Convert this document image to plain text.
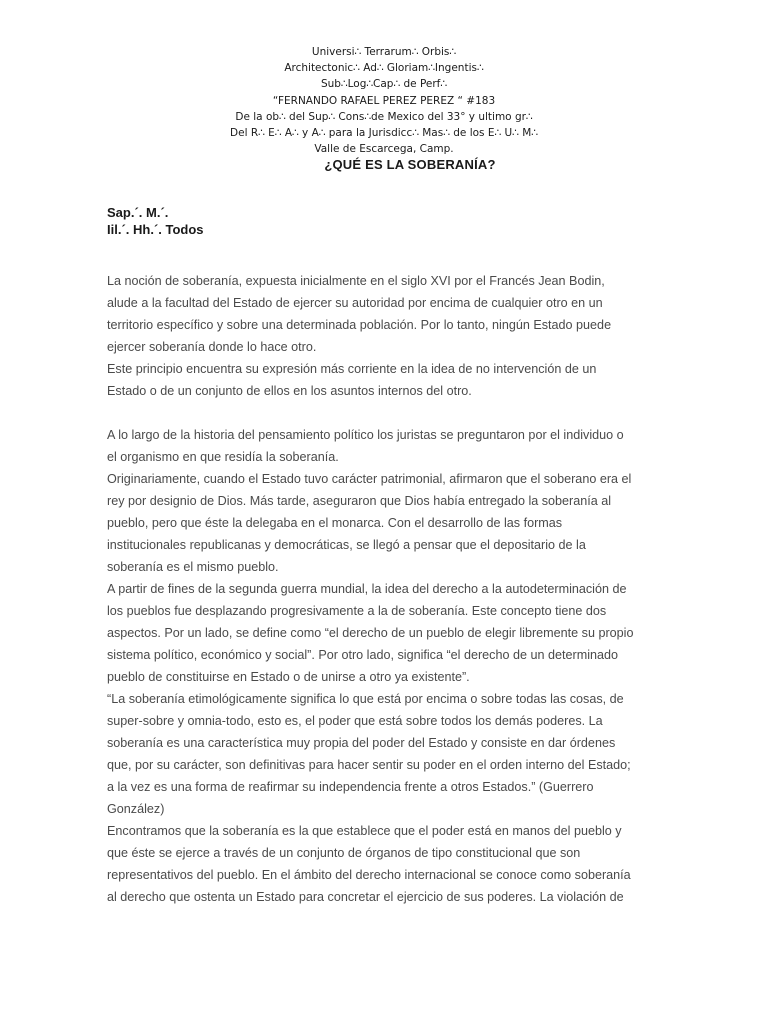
Universi∴ Terrarum∴ Orbis∴
Architectonic∴ Ad∴ Gloriam∴Ingentis∴
Sub∴Log∴Cap∴ de Perf∴
“FERNANDO RAFAEL PEREZ PEREZ “ #183
De la ob∴ del Sup∴ Cons∴de Mexico del 33° y ultimo gr∴
Del R∴ E∴ A∴ y A∴ para la Jurisdicc∴ Mas∴ de los E∴ U∴ M∴
Valle de Escarcega, Camp.
¿QUÉ ES LA SOBERANÍA?
Sap.´. M.´.
Iil.´. Hh.´. Todos
La noción de soberanía, expuesta inicialmente en el siglo XVI por el Francés Jean Bodin,
alude a la facultad del Estado de ejercer su autoridad por encima de cualquier otro en un
territorio específico y sobre una determinada población. Por lo tanto, ningún Estado puede
ejercer soberanía donde lo hace otro.
Este principio encuentra su expresión más corriente en la idea de no intervención de un
Estado o de un conjunto de ellos en los asuntos internos del otro.
A lo largo de la historia del pensamiento político los juristas se preguntaron por el individuo o
el organismo en que residía la soberanía.
Originariamente, cuando el Estado tuvo carácter patrimonial, afirmaron que el soberano era el
rey por designio de Dios. Más tarde, aseguraron que Dios había entregado la soberanía al
pueblo, pero que éste la delegaba en el monarca. Con el desarrollo de las formas
institucionales republicanas y democráticas, se llegó a pensar que el depositario de la
soberanía es el mismo pueblo.
A partir de fines de la segunda guerra mundial, la idea del derecho a la autodeterminación de
los pueblos fue desplazando progresivamente a la de soberanía. Este concepto tiene dos
aspectos. Por un lado, se define como “el derecho de un pueblo de elegir libremente su propio
sistema político, económico y social”. Por otro lado, significa “el derecho de un determinado
pueblo de constituirse en Estado o de unirse a otro ya existente”.
“La soberanía etimológicamente significa lo que está por encima o sobre todas las cosas, de
super-sobre y omnia-todo, esto es, el poder que está sobre todos los demás poderes. La
soberanía es una característica muy propia del poder del Estado y consiste en dar órdenes
que, por su carácter, son definitivas para hacer sentir su poder en el orden interno del Estado;
a la vez es una forma de reafirmar su independencia frente a otros Estados.” (Guerrero
González)
Encontramos que la soberanía es la que establece que el poder está en manos del pueblo y
que éste se ejerce a través de un conjunto de órganos de tipo constitucional que son
representativos del pueblo. En el ámbito del derecho internacional se conoce como soberanía
al derecho que ostenta un Estado para concretar el ejercicio de sus poderes. La violación de
